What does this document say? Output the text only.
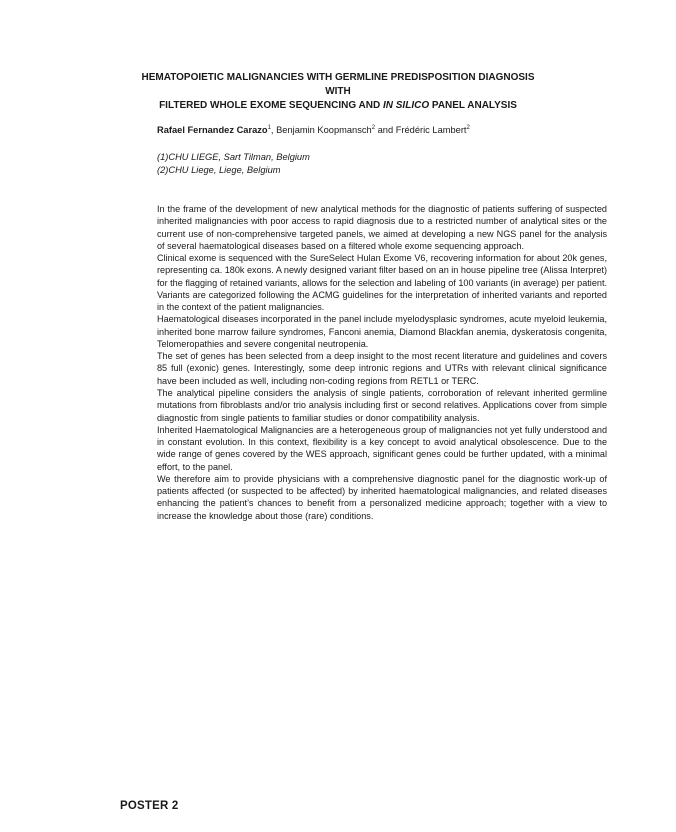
HEMATOPOIETIC MALIGNANCIES WITH GERMLINE PREDISPOSITION DIAGNOSIS WITH
FILTERED WHOLE EXOME SEQUENCING AND IN SILICO PANEL ANALYSIS
Rafael Fernandez Carazo$^1$, Benjamin Koopmansch$^2$ and Frédéric Lambert$^2$
(1)CHU LIEGE, Sart Tilman, Belgium
(2)CHU Liege, Liege, Belgium

In the frame of the development of new analytical methods for the diagnostic of patients suffering of suspected inherited malignancies with poor access to rapid diagnosis due to a restricted number of analytical sites or the current use of non-comprehensive targeted panels, we aimed at developing a new NGS panel for the analysis of several haematological diseases based on a filtered whole exome sequencing approach.

Clinical exome is sequenced with the SureSelect Hulan Exome V6, recovering information for about 20k genes, representing ca. 180k exons. A newly designed variant filter based on an in house pipeline tree (Alissa Interpret) for the flagging of retained variants, allows for the selection and labeling of 100 variants (in average) per patient. Variants are categorized following the ACMG guidelines for the interpretation of inherited variants and reported in the context of the patient malignancies.

Haematological diseases incorporated in the panel include myelodysplasic syndromes, acute myeloid leukemia, inherited bone marrow failure syndromes, Fanconi anemia, Diamond Blackfan anemia, dyskeratosis congenita, Telomeropathies and severe congenital neutropenia.

The set of genes has been selected from a deep insight to the most recent literature and guidelines and covers 85 full (exonic) genes. Interestingly, some deep intronic regions and UTRs with relevant clinical significance have been included as well, including non-coding regions from RETL1 or TERC.

The analytical pipeline considers the analysis of single patients, corroboration of relevant inherited germline mutations from fibroblasts and/or trio analysis including first or second relatives. Applications cover from simple diagnostic from single patients to familiar studies or donor compatibility analysis.

Inherited Haematological Malignancies are a heterogeneous group of malignancies not yet fully understood and in constant evolution. In this context, flexibility is a key concept to avoid analytical obsolescence. Due to the wide range of genes covered by the WES approach, significant genes could be further updated, with a minimal effort, to the panel.

We therefore aim to provide physicians with a comprehensive diagnostic panel for the diagnostic work-up of patients affected (or suspected to be affected) by inherited haematological malignancies, and related diseases enhancing the patient’s chances to benefit from a personalized medicine approach; together with a view to increase the knowledge about those (rare) conditions.

POSTER 2
